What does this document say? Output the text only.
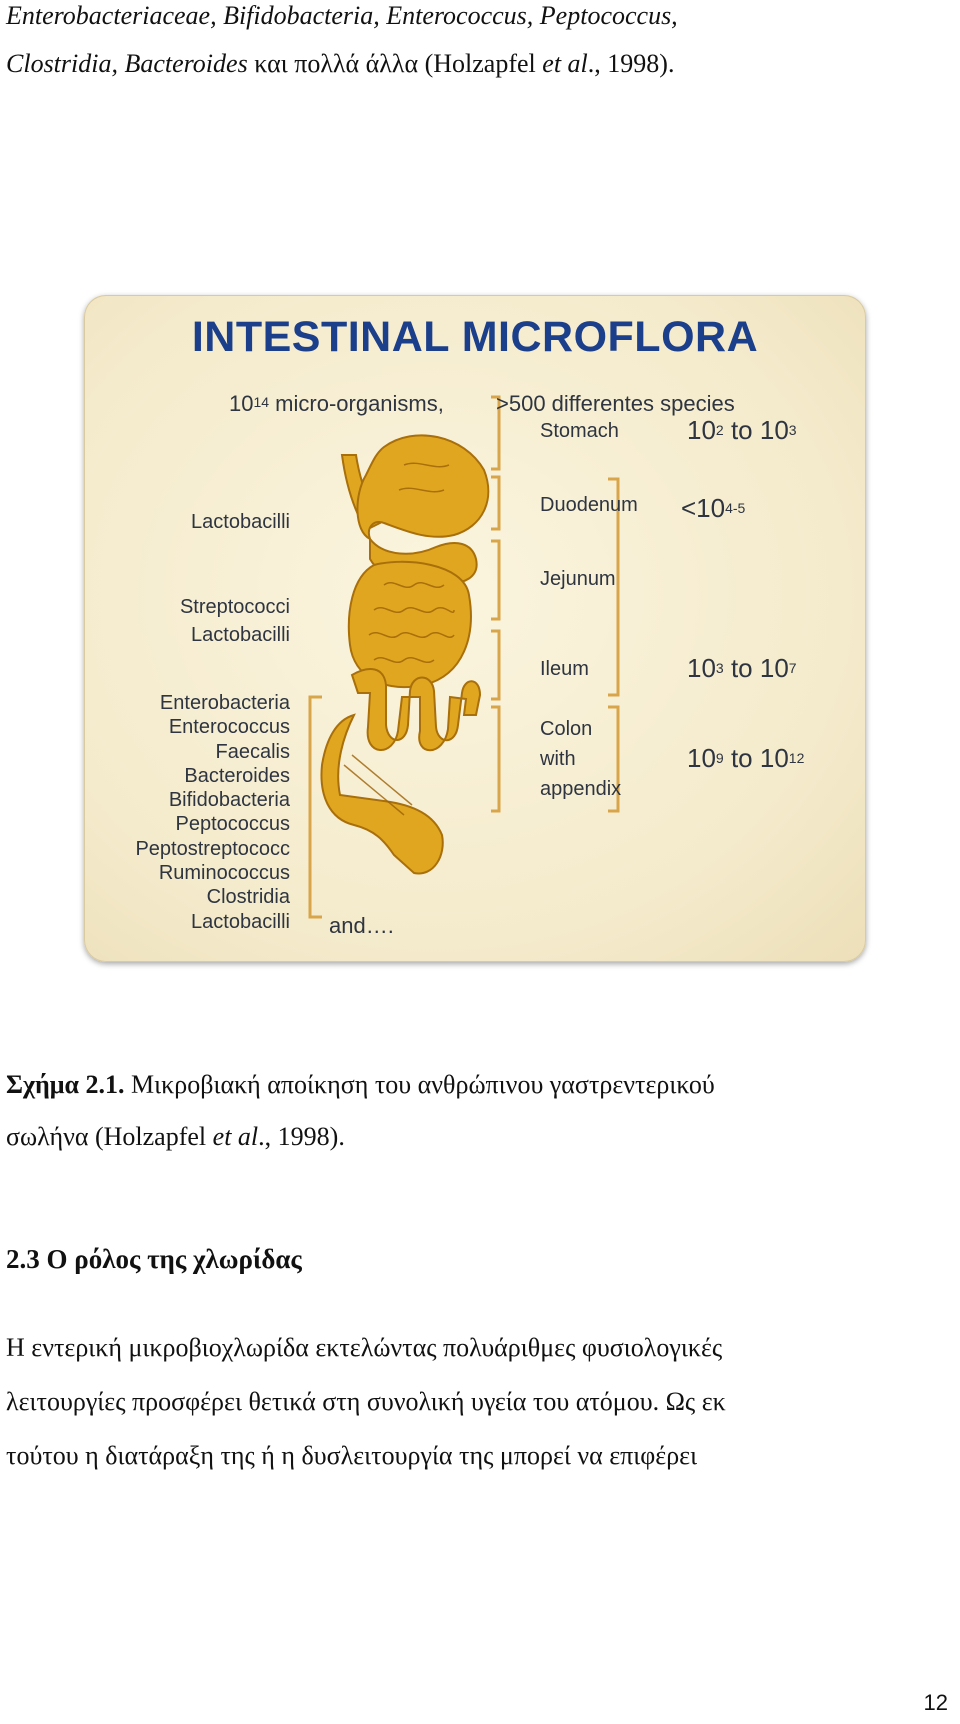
Enterobacteriaceae, Bifidobacteria, Enterococcus, Peptococcus,
Clostridia, Bacteroides και πολλά άλλα (Holzapfel et al., 1998).
INTESTINAL MICROFLORA
$10^{14}$ micro-organisms, >500 differentes species
Stomach
Duodenum
Jejunum
Ileum
Colon
with
appendix
$10^2$ to $10^3$
$<10^{4-5}$
$10^3$ to $10^7$
$10^9$ to $10^{12}$
Lactobacilli
Streptococci
Lactobacilli
Enterobacteria
Enterococcus
Faecalis
Bacteroides
Bifidobacteria
Peptococcus
Peptostreptococc
Ruminococcus
Clostridia
Lactobacilli and….
Σχήμα 2.1. Μικροβιακή αποίκηση του ανθρώπινου γαστρεντερικού
σωλήνα (Holzapfel et al., 1998).
2.3 Ο ρόλος της χλωρίδας
Η εντερική μικροβιοχλωρίδα εκτελώντας πολυάριθμες φυσιολογικές
λειτουργίες προσφέρει θετικά στη συνολική υγεία του ατόμου. Ως εκ
τούτου η διατάραξη της ή η δυσλειτουργία της μπορεί να επιφέρει
12
